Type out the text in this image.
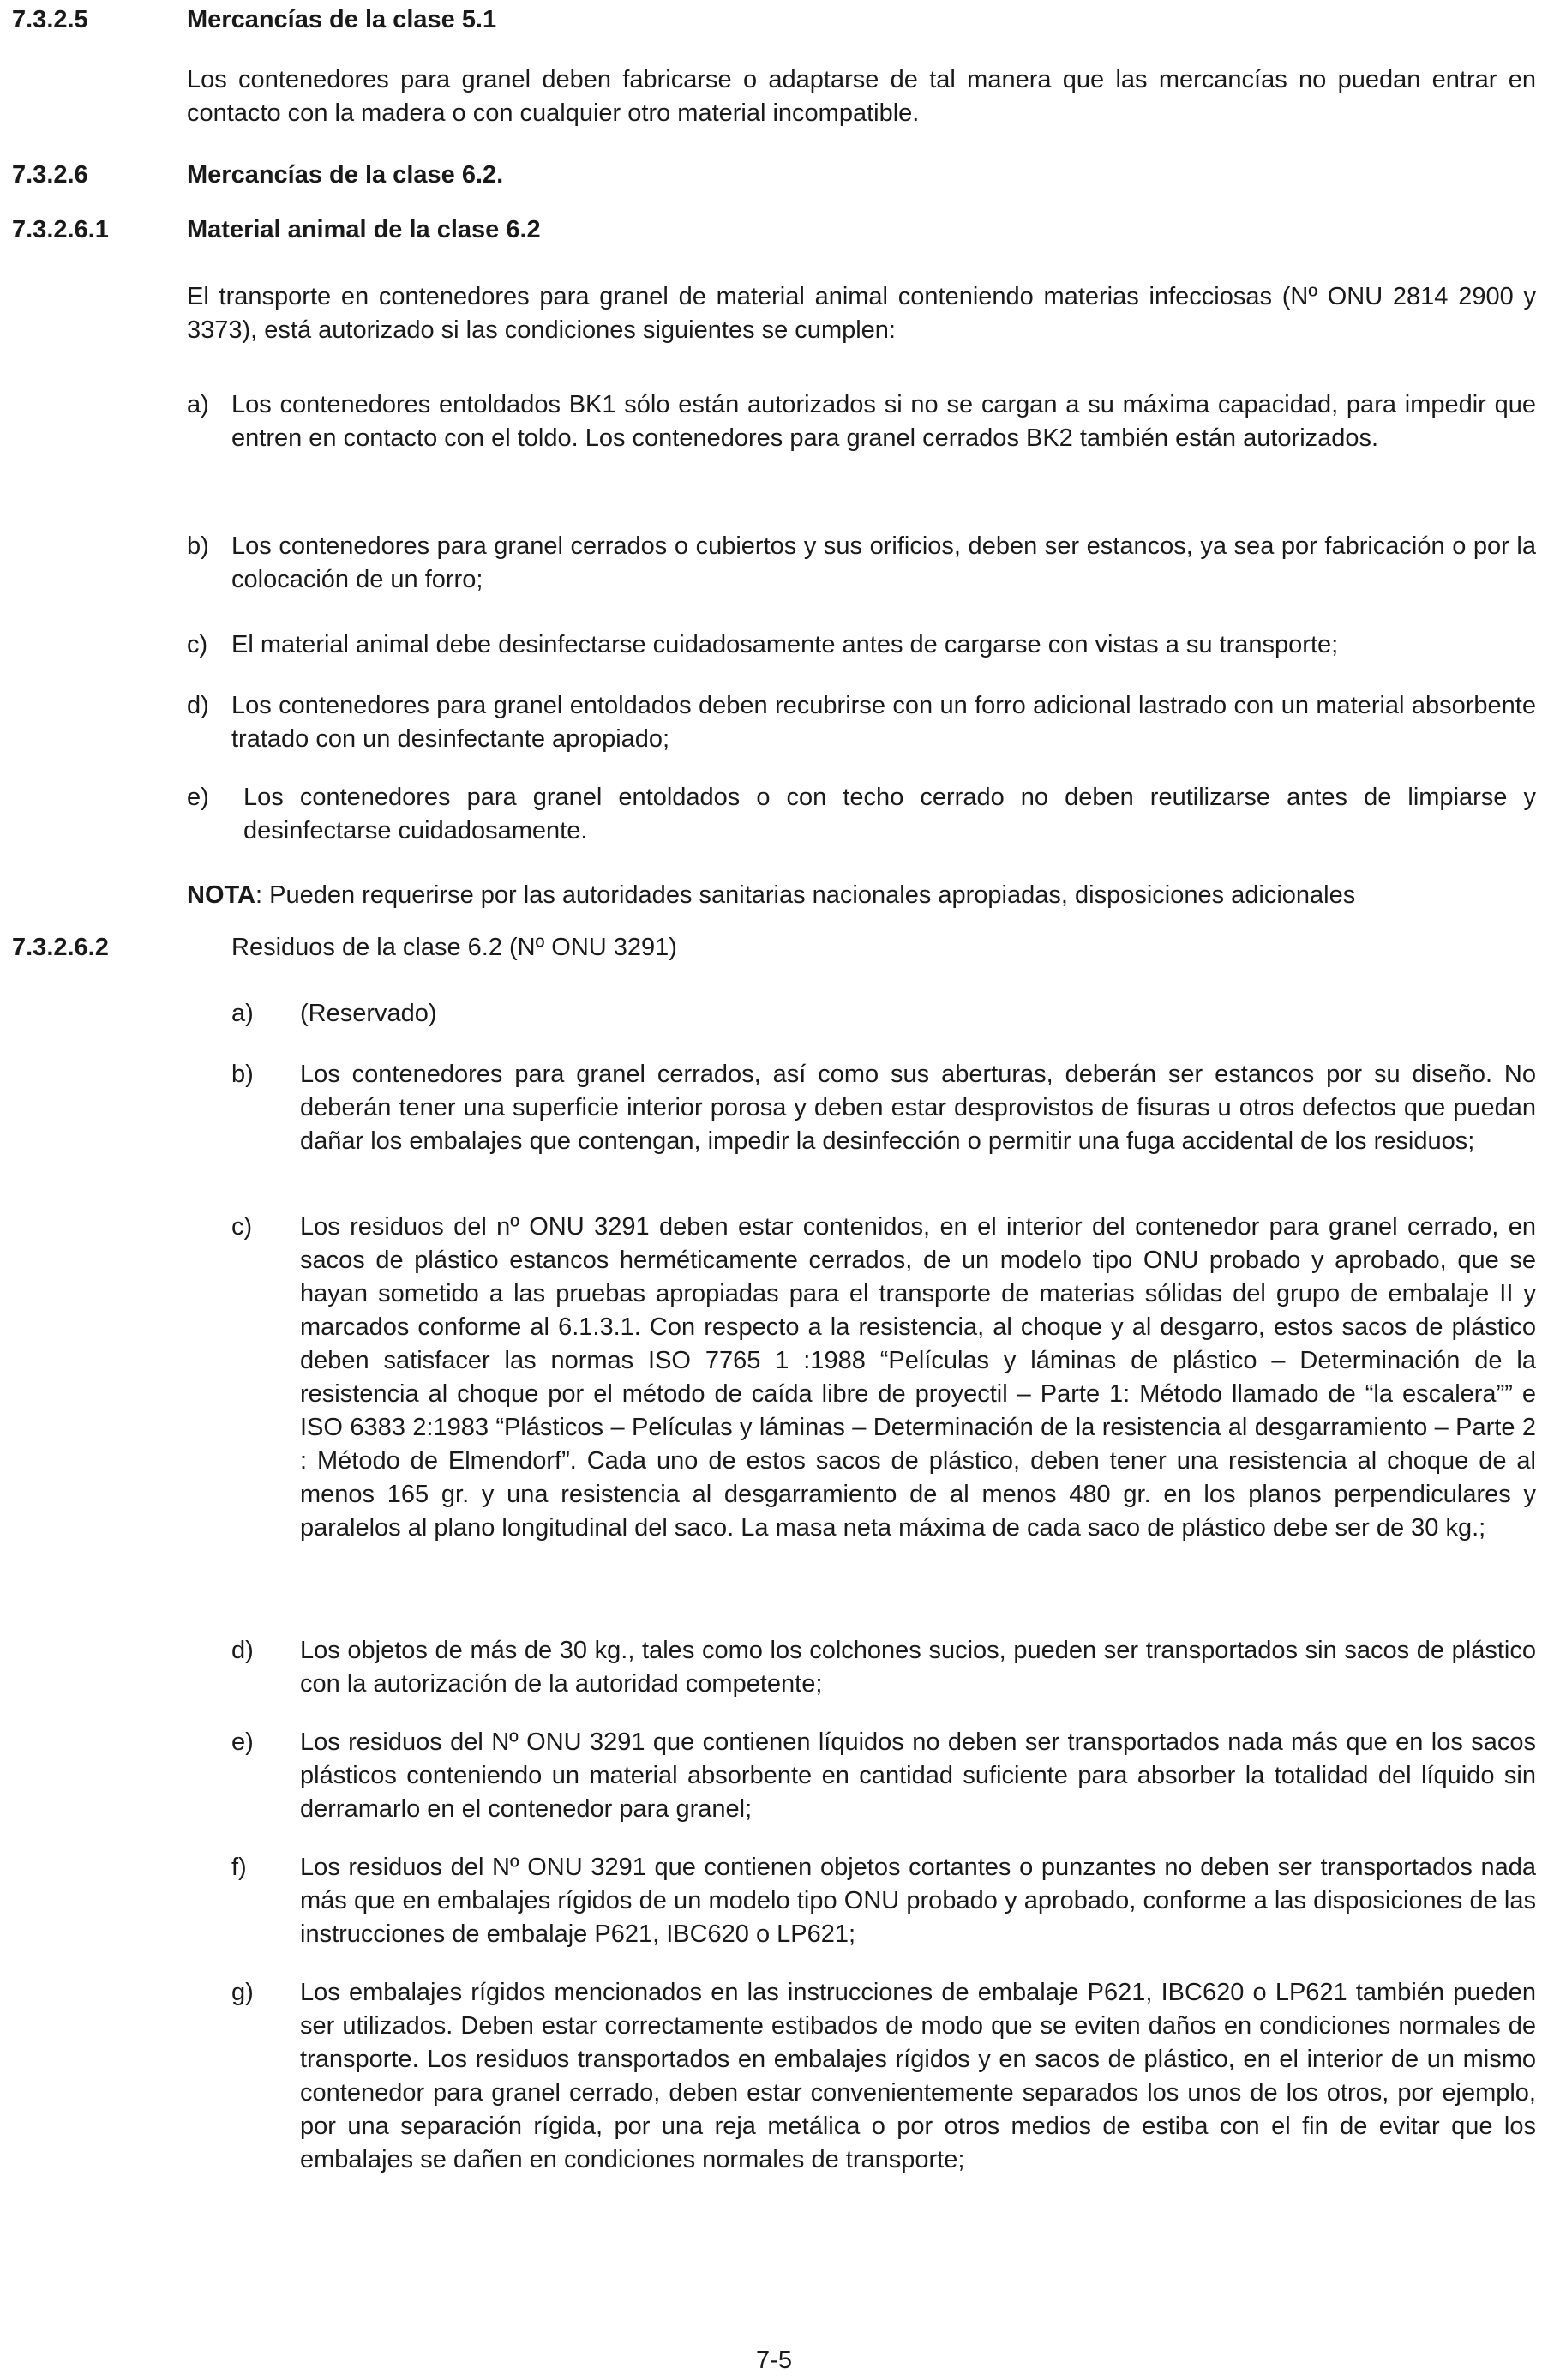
7.3.2.5	Mercancías de la clase 5.1
Los contenedores para granel deben fabricarse o adaptarse de tal manera que las mercancías no puedan entrar en contacto con la madera o con cualquier otro material incompatible.
7.3.2.6	Mercancías de la clase 6.2.
7.3.2.6.1	Material animal de la clase 6.2
El transporte en contenedores para granel de material animal conteniendo materias infecciosas (Nº ONU 2814 2900 y 3373), está autorizado si las condiciones siguientes se cumplen:
a) Los contenedores entoldados BK1 sólo están autorizados si no se cargan a su máxima capacidad, para impedir que entren en contacto con el toldo. Los contenedores para granel cerrados BK2 también están autorizados.
b) Los contenedores para granel cerrados o cubiertos y sus orificios, deben ser estancos, ya sea por fabricación o por la colocación de un forro;
c) El material animal debe desinfectarse cuidadosamente antes de cargarse con vistas a su transporte;
d) Los contenedores para granel entoldados deben recubrirse con un forro adicional lastrado con un material absorbente tratado con un desinfectante apropiado;
e) Los contenedores para granel entoldados o con techo cerrado no deben reutilizarse antes de limpiarse y desinfectarse cuidadosamente.
NOTA: Pueden requerirse por las autoridades sanitarias nacionales apropiadas, disposiciones adicionales
7.3.2.6.2	Residuos de la clase 6.2 (Nº ONU 3291)
a) (Reservado)
b) Los contenedores para granel cerrados, así como sus aberturas, deberán ser estancos por su diseño. No deberán tener una superficie interior porosa y deben estar desprovistos de fisuras u otros defectos que puedan dañar los embalajes que contengan, impedir la desinfección o permitir una fuga accidental de los residuos;
c) Los residuos del nº ONU 3291 deben estar contenidos, en el interior del contenedor para granel cerrado, en sacos de plástico estancos herméticamente cerrados, de un modelo tipo ONU probado y aprobado, que se hayan sometido a las pruebas apropiadas para el transporte de materias sólidas del grupo de embalaje II y marcados conforme al 6.1.3.1. Con respecto a la resistencia, al choque y al desgarro, estos sacos de plástico deben satisfacer las normas ISO 7765 1 :1988 “Películas y láminas de plástico – Determinación de la resistencia al choque por el método de caída libre de proyectil – Parte 1: Método llamado de “la escalera”” e ISO 6383 2:1983 “Plásticos – Películas y láminas – Determinación de la resistencia al desgarramiento – Parte 2 : Método de Elmendorf”. Cada uno de estos sacos de plástico, deben tener una resistencia al choque de al menos 165 gr. y una resistencia al desgarramiento de al menos 480 gr. en los planos perpendiculares y paralelos al plano longitudinal del saco. La masa neta máxima de cada saco de plástico debe ser de 30 kg.;
d) Los objetos de más de 30 kg., tales como los colchones sucios, pueden ser transportados sin sacos de plástico con la autorización de la autoridad competente;
e) Los residuos del Nº ONU 3291 que contienen líquidos no deben ser transportados nada más que en los sacos plásticos conteniendo un material absorbente en cantidad suficiente para absorber la totalidad del líquido sin derramarlo en el contenedor para granel;
f) Los residuos del Nº ONU 3291 que contienen objetos cortantes o punzantes no deben ser transportados nada más que en embalajes rígidos de un modelo tipo ONU probado y aprobado, conforme a las disposiciones de las instrucciones de embalaje P621, IBC620 o LP621;
g) Los embalajes rígidos mencionados en las instrucciones de embalaje P621, IBC620 o LP621 también pueden ser utilizados. Deben estar correctamente estibados de modo que se eviten daños en condiciones normales de transporte. Los residuos transportados en embalajes rígidos y en sacos de plástico, en el interior de un mismo contenedor para granel cerrado, deben estar convenientemente separados los unos de los otros, por ejemplo, por una separación rígida, por una reja metálica o por otros medios de estiba con el fin de evitar que los embalajes se dañen en condiciones normales de transporte;
7-5
